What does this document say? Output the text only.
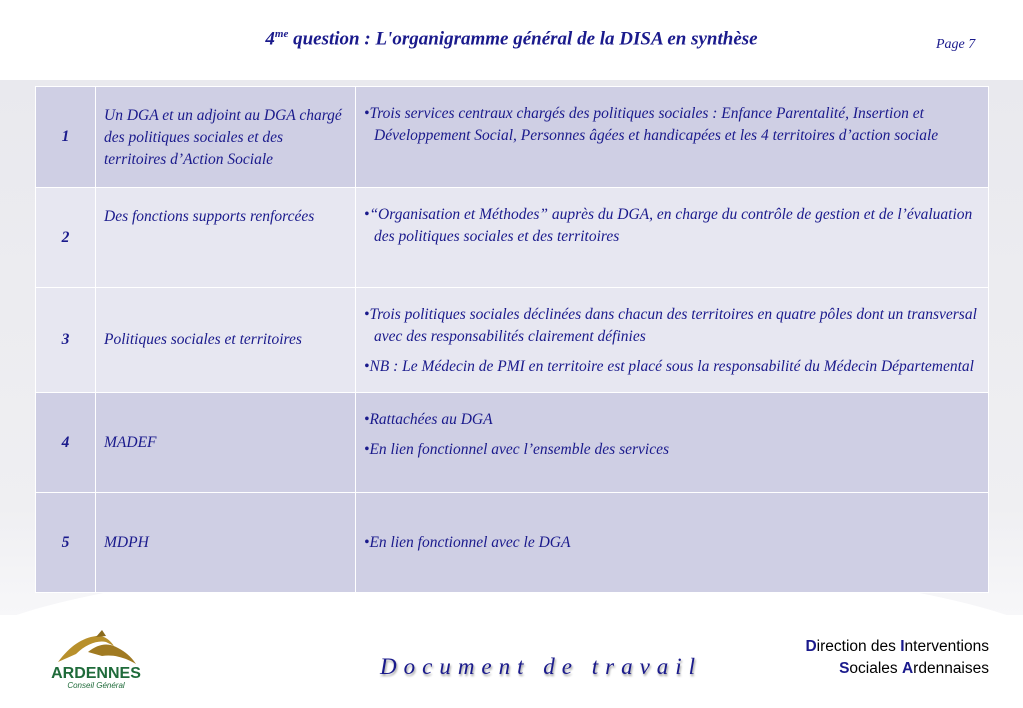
$4^{me}$ question : L'organigramme général de la DISA en synthèse	Page 7
1	Un DGA et un adjoint au DGA chargé des politiques sociales et des territoires d’Action Sociale	•Trois services centraux chargés des politiques sociales : Enfance Parentalité, Insertion et Développement Social, Personnes âgées et handicapées et les 4 territoires d’action sociale

2	Des fonctions supports renforcées	•“Organisation et Méthodes” auprès du DGA, en charge du contrôle de gestion et de l’évaluation des politiques sociales et des territoires

3	Politiques sociales et territoires	•Trois politiques sociales déclinées dans chacun des territoires en quatre pôles dont un transversal avec des responsabilités clairement définies
•NB : Le Médecin de PMI en territoire est placé sous la responsabilité du Médecin Départemental

4	MADEF	•Rattachées au DGA
•En lien fonctionnel avec l’ensemble des services

5	MDPH	•En lien fonctionnel avec le DGA
ARDENNES
Conseil Général
Document de travail
Direction des Interventions
Sociales Ardennaises
